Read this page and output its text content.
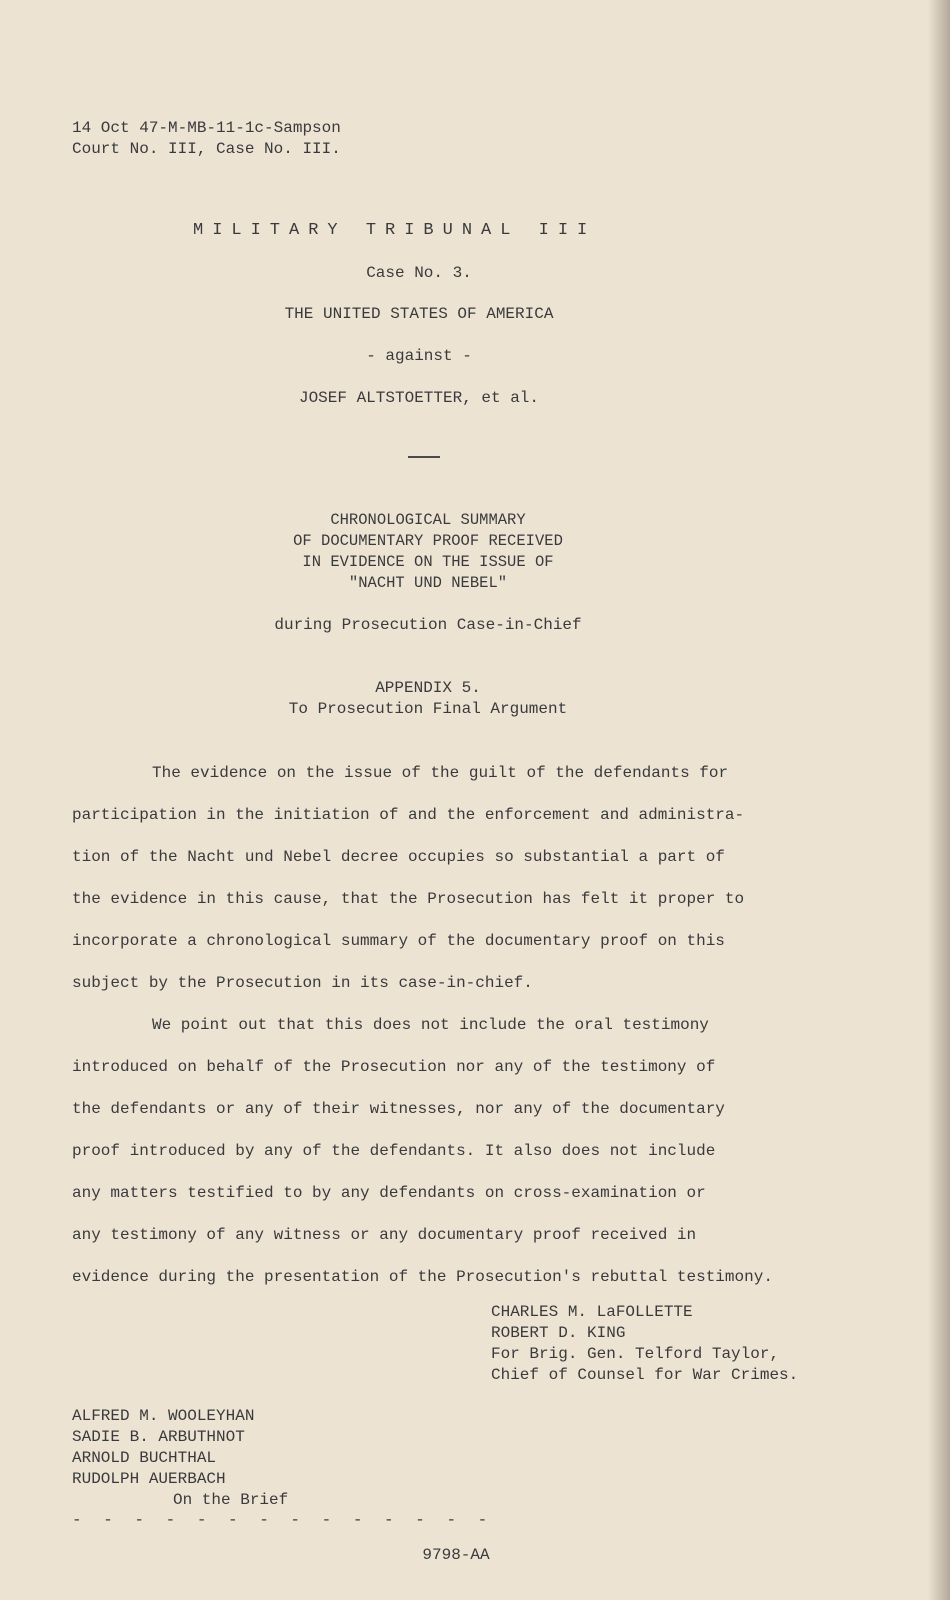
14 Oct 47-M-MB-11-1c-Sampson
Court No. III, Case No. III.
MILITARY TRIBUNAL III
Case No. 3.
THE UNITED STATES OF AMERICA
- against -
JOSEF ALTSTOETTER, et al.
CHRONOLOGICAL SUMMARY
OF DOCUMENTARY PROOF RECEIVED
IN EVIDENCE ON THE ISSUE OF
"NACHT UND NEBEL"
during Prosecution Case-in-Chief
APPENDIX 5.
To Prosecution Final Argument
The evidence on the issue of the guilt of the defendants for
participation in the initiation of and the enforcement and administra-
tion of the Nacht und Nebel decree occupies so substantial a part of
the evidence in this cause, that the Prosecution has felt it proper to
incorporate a chronological summary of the documentary proof on this
subject by the Prosecution in its case-in-chief.
We point out that this does not include the oral testimony
introduced on behalf of the Prosecution nor any of the testimony of
the defendants or any of their witnesses, nor any of the documentary
proof introduced by any of the defendants. It also does not include
any matters testified to by any defendants on cross-examination or
any testimony of any witness or any documentary proof received in
evidence during the presentation of the Prosecution's rebuttal testimony.
CHARLES M. LaFOLLETTE
ROBERT D. KING
For Brig. Gen. Telford Taylor,
Chief of Counsel for War Crimes.
ALFRED M. WOOLEYHAN
SADIE B. ARBUTHNOT
ARNOLD BUCHTHAL
RUDOLPH AUERBACH
On the Brief
- - - - - - - - - - - - - -
9798-AA
